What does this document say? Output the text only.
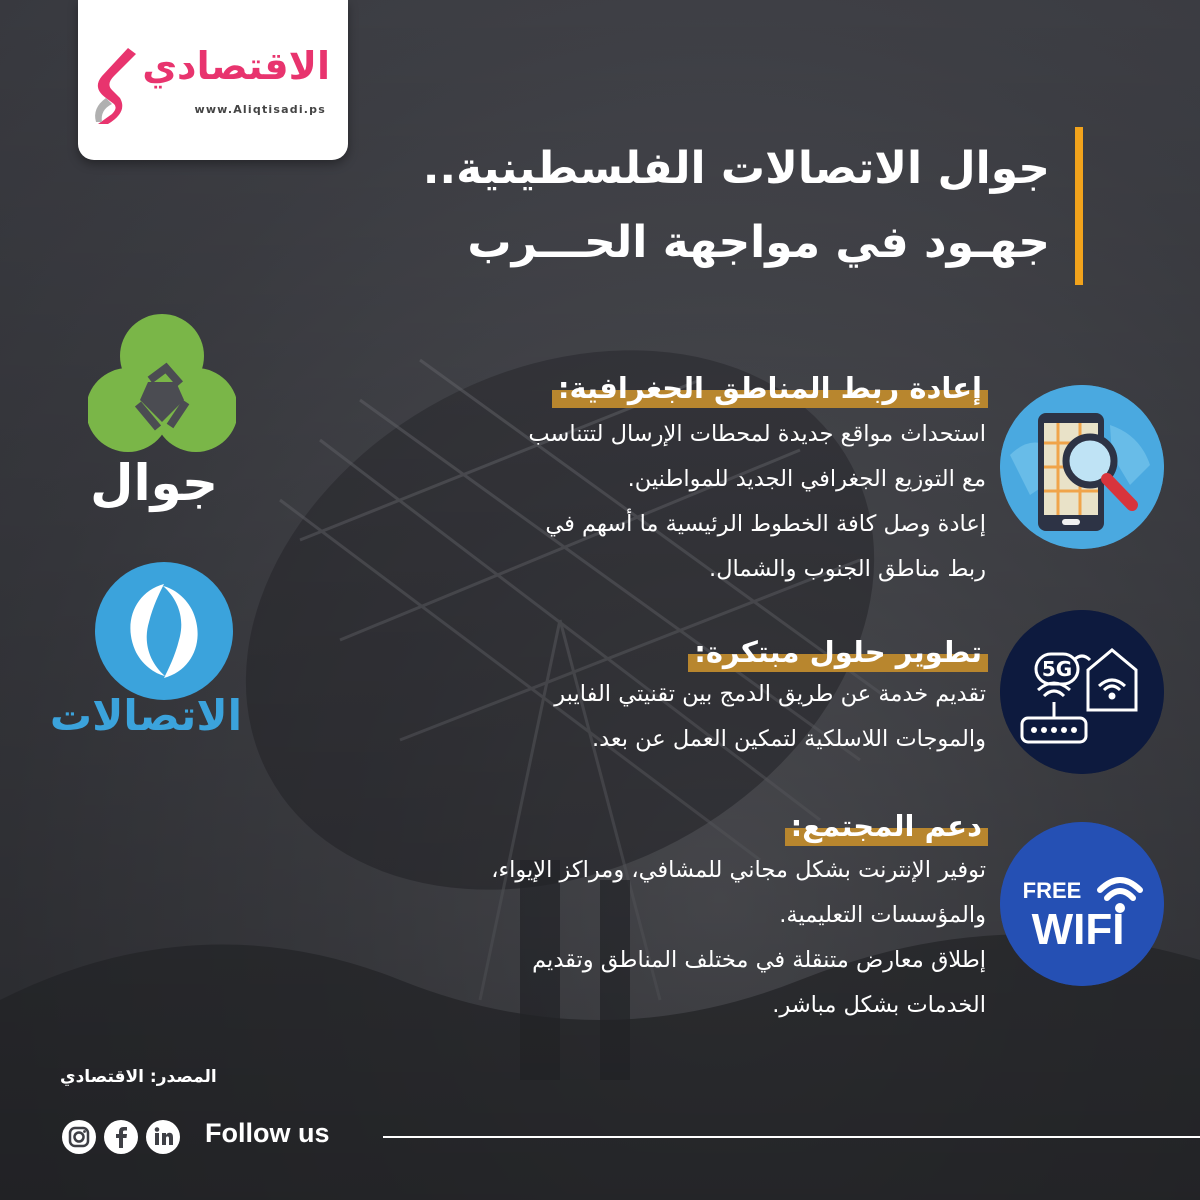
الاقتصادي
www.Aliqtisadi.ps
جوال الاتصالات الفلسطينية..
جهـود في مواجهة الحـــرب
جوال
الاتصالات
إعادة ربط المناطق الجغرافية:

استحداث مواقع جديدة لمحطات الإرسال لتتناسب

مع التوزيع الجغرافي الجديد للمواطنين.

إعادة وصل كافة الخطوط الرئيسية ما أسهم في

ربط مناطق الجنوب والشمال.

تطوير حلول مبتكرة:

تقديم خدمة عن طريق الدمج بين تقنيتي الفايبر

والموجات اللاسلكية لتمكين العمل عن بعد.

5G
دعم المجتمع:

توفير الإنترنت بشكل مجاني للمشافي، ومراكز الإيواء،

والمؤسسات التعليمية.

إطلاق معارض متنقلة في مختلف المناطق وتقديم

الخدمات بشكل مباشر.

FREE
WIFI
المصدر: الاقتصادي
Follow us
